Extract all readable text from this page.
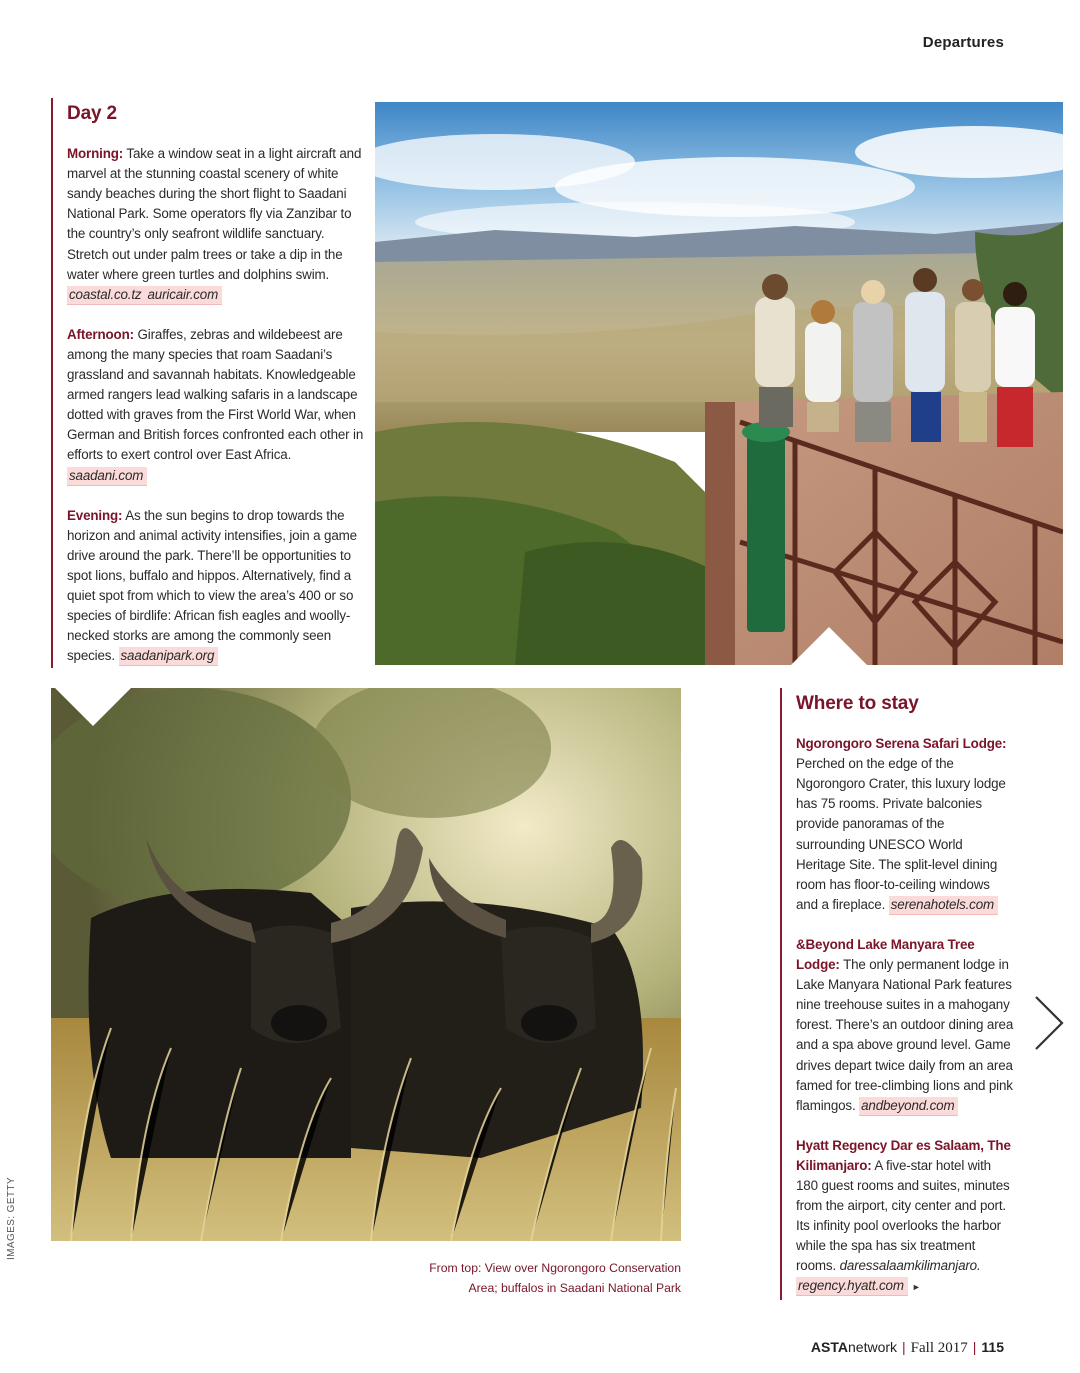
Departures
Day 2

Morning: Take a window seat in a light aircraft and marvel at the stunning coastal scenery of white sandy beaches during the short flight to Saadani National Park. Some operators fly via Zanzibar to the country’s only seafront wildlife sanctuary. Stretch out under palm trees or take a dip in the water where green turtles and dolphins swim. coastal.co.tz auricair.com

Afternoon: Giraffes, zebras and wildebeest are among the many species that roam Saadani’s grassland and savannah habitats. Knowledgeable armed rangers lead walking safaris in a landscape dotted with graves from the First World War, when German and British forces confronted each other in efforts to exert control over East Africa. saadani.com

Evening: As the sun begins to drop towards the horizon and animal activity intensifies, join a game drive around the park. There’ll be opportunities to spot lions, buffalo and hippos. Alternatively, find a quiet spot from which to view the area’s 400 or so species of birdlife: African fish eagles and woolly-necked storks are among the commonly seen species. saadanipark.org

From top: View over Ngorongoro Conservation Area; buffalos in Saadani National Park
IMAGES: GETTY
Where to stay

Ngorongoro Serena Safari Lodge: Perched on the edge of the Ngorongoro Crater, this luxury lodge has 75 rooms. Private balconies provide panoramas of the surrounding UNESCO World Heritage Site. The split-level dining room has floor-to-ceiling windows and a fireplace. serenahotels.com

&Beyond Lake Manyara Tree Lodge: The only permanent lodge in Lake Manyara National Park features nine treehouse suites in a mahogany forest. There’s an outdoor dining area and a spa above ground level. Game drives depart twice daily from an area famed for tree-climbing lions and pink flamingos. andbeyond.com

Hyatt Regency Dar es Salaam, The Kilimanjaro: A five-star hotel with 180 guest rooms and suites, minutes from the airport, city center and port. Its infinity pool overlooks the harbor while the spa has six treatment rooms. daressalaamkilimanjaro. regency.hyatt.com ►

ASTAnetwork | Fall 2017 | 115
